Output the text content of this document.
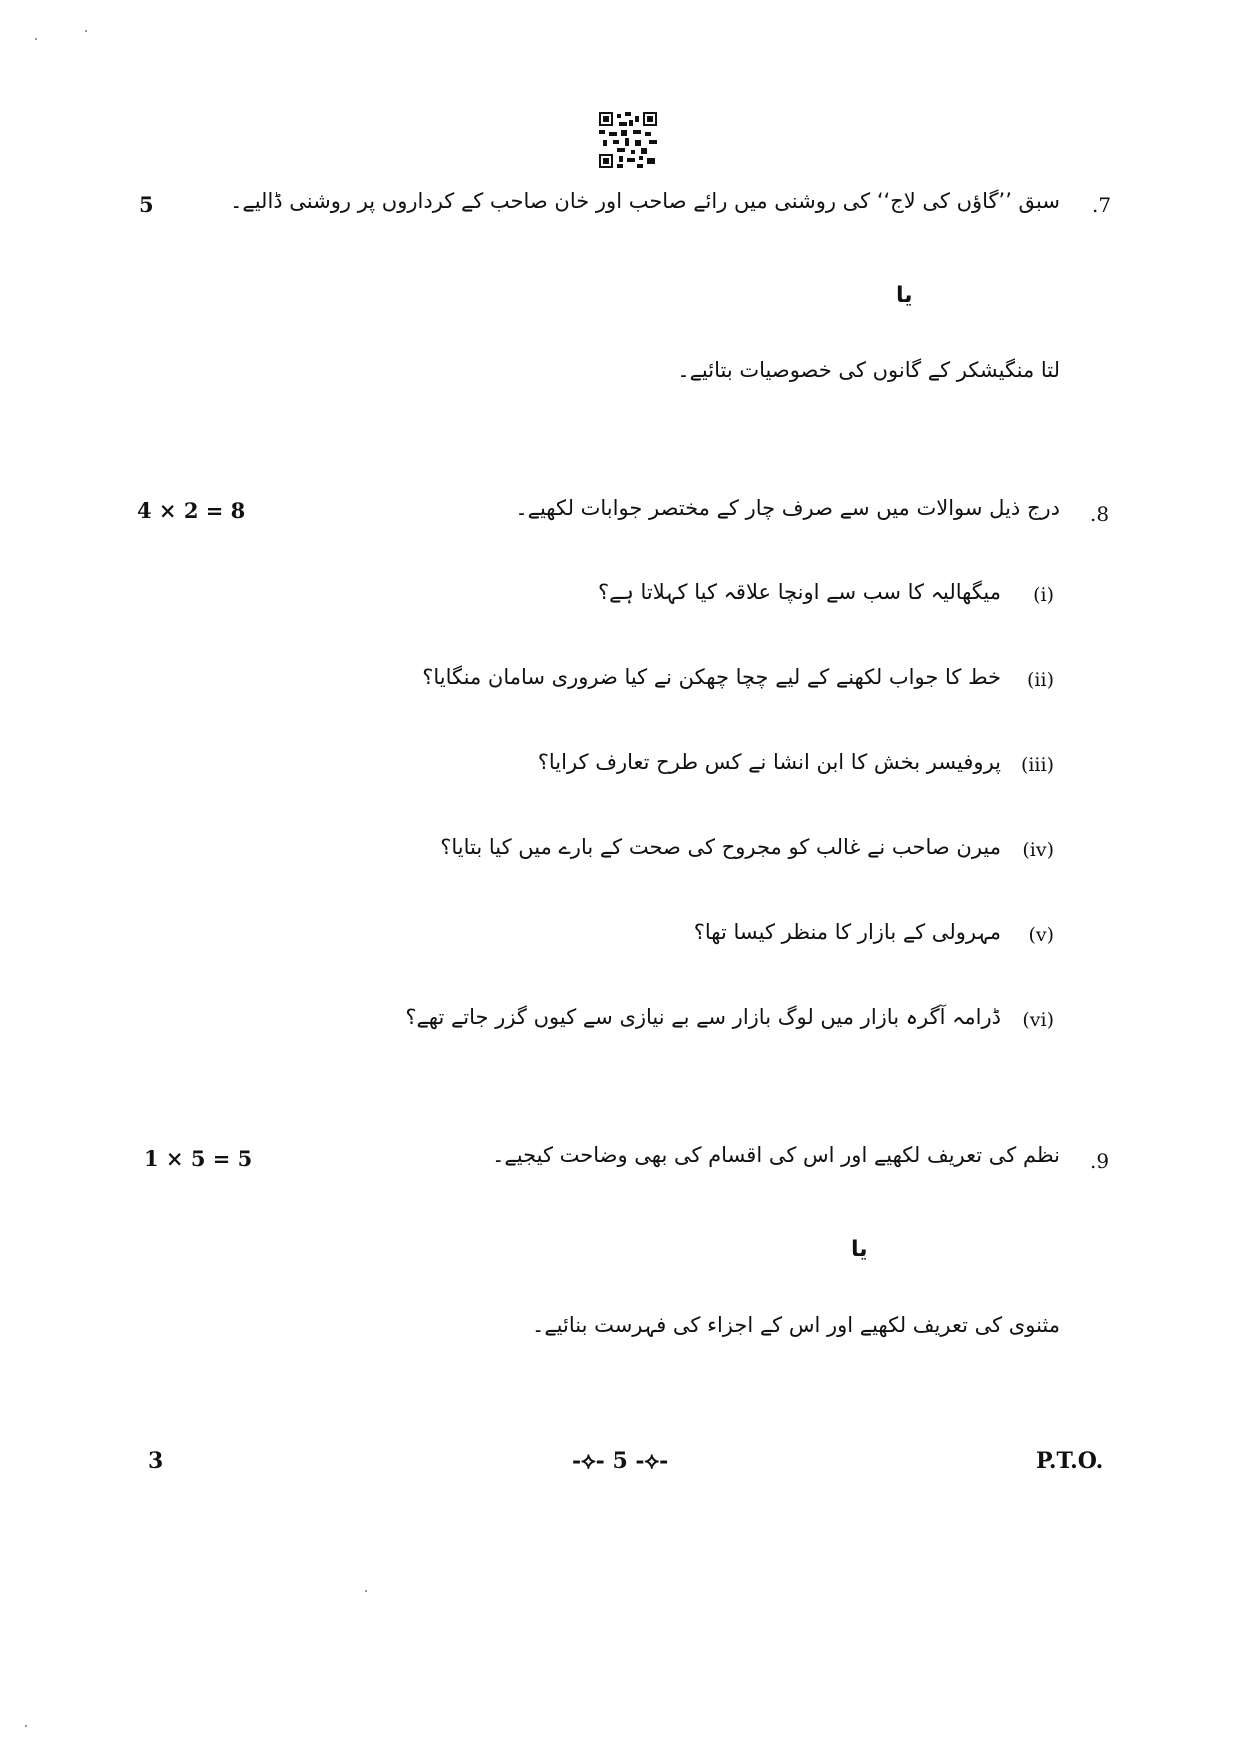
5	.7
سبق ’’گاؤں کی لاج‘‘ کی روشنی میں رائے صاحب اور خان صاحب کے کرداروں پر روشنی ڈالیے۔
یا
لتا منگیشکر کے گانوں کی خصوصیات بتائیے۔
4 × 2 = 8	.8
درج ذیل سوالات میں سے صرف چار کے مختصر جوابات لکھیے۔
(i)
میگھالیہ کا سب سے اونچا علاقہ کیا کہلاتا ہے؟
(ii)
خط کا جواب لکھنے کے لیے چچا چھکن نے کیا ضروری سامان منگایا؟
(iii)
پروفیسر بخش کا ابن انشا نے کس طرح تعارف کرایا؟
(iv)
میرن صاحب نے غالب کو مجروح کی صحت کے بارے میں کیا بتایا؟
(v)
مہرولی کے بازار کا منظر کیسا تھا؟
(vi)
ڈرامہ آگرہ بازار میں لوگ بازار سے بے نیازی سے کیوں گزر جاتے تھے؟
1 × 5 = 5	.9
نظم کی تعریف لکھیے اور اس کی اقسام کی بھی وضاحت کیجیے۔
یا
مثنوی کی تعریف لکھیے اور اس کے اجزاء کی فہرست بنائیے۔
3	-⟡- 5 -⟡-	P.T.O.
